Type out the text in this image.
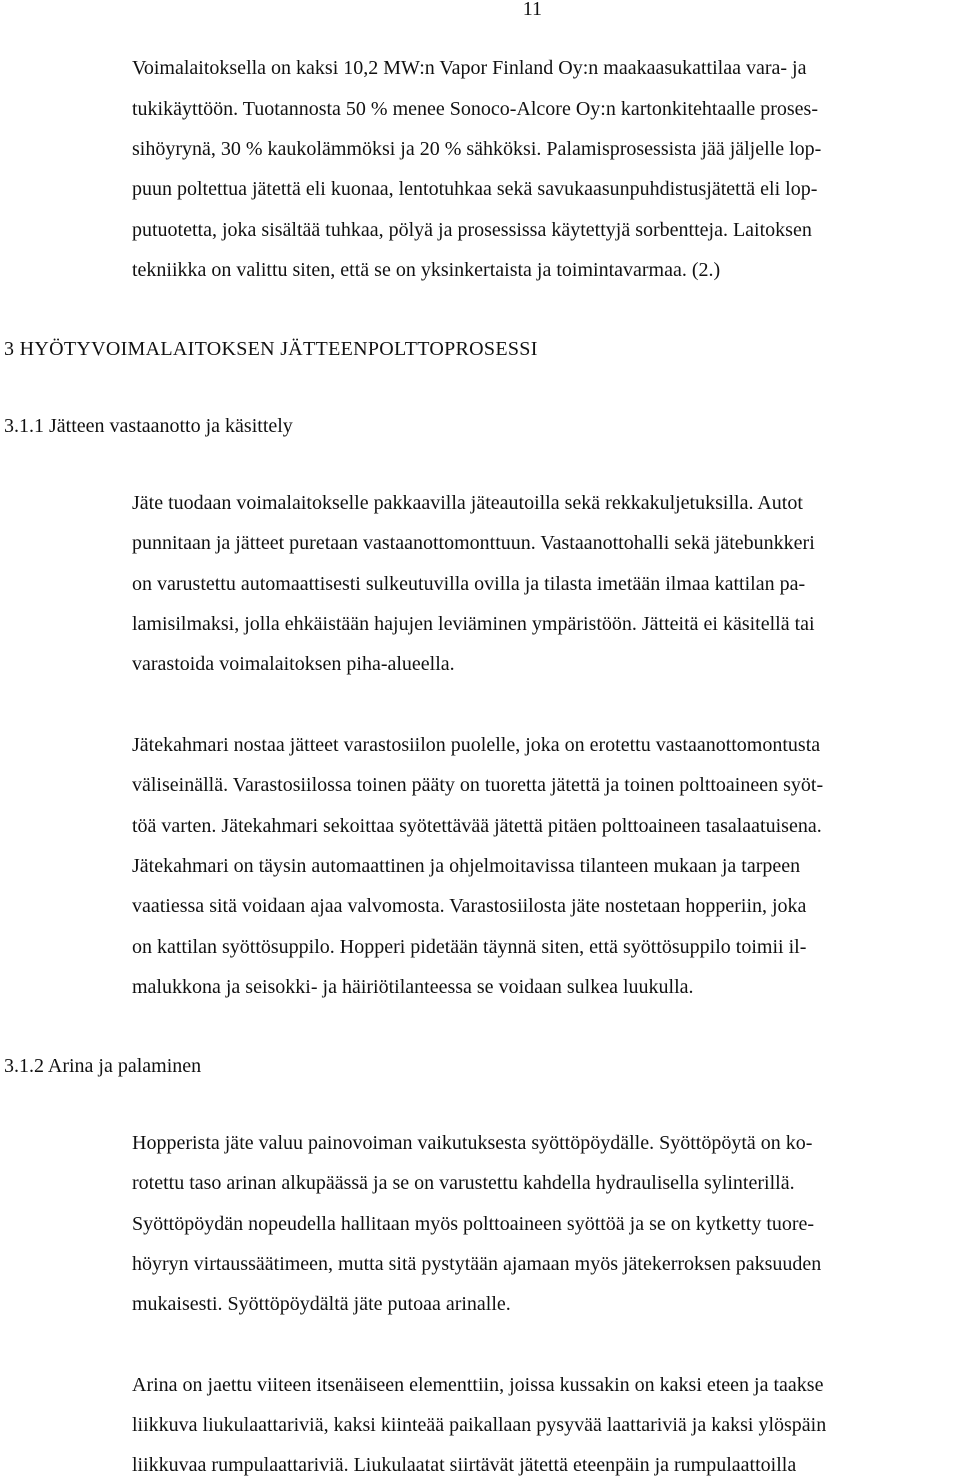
11
Voimalaitoksella on kaksi 10,2 MW:n Vapor Finland Oy:n maakaasukattilaa vara- ja
tukikäyttöön. Tuotannosta 50 % menee Sonoco-Alcore Oy:n kartonkitehtaalle proses-
sihöyrynä, 30 % kaukolämmöksi ja 20 % sähköksi. Palamisprosessista jää jäljelle lop-
puun poltettua jätettä eli kuonaa, lentotuhkaa sekä savukaasunpuhdistusjätettä eli lop-
putuotetta, joka sisältää tuhkaa, pölyä ja prosessissa käytettyjä sorbentteja. Laitoksen
tekniikka on valittu siten, että se on yksinkertaista ja toimintavarmaa. (2.)
3 HYÖTYVOIMALAITOKSEN JÄTTEENPOLTTOPROSESSI
3.1.1 Jätteen vastaanotto ja käsittely
Jäte tuodaan voimalaitokselle pakkaavilla jäteautoilla sekä rekkakuljetuksilla. Autot
punnitaan ja jätteet puretaan vastaanottomonttuun. Vastaanottohalli sekä jätebunkkeri
on varustettu automaattisesti sulkeutuvilla ovilla ja tilasta imetään ilmaa kattilan pa-
lamisilmaksi, jolla ehkäistään hajujen leviäminen ympäristöön. Jätteitä ei käsitellä tai
varastoida voimalaitoksen piha-alueella.
Jätekahmari nostaa jätteet varastosiilon puolelle, joka on erotettu vastaanottomontusta
väliseinällä. Varastosiilossa toinen pääty on tuoretta jätettä ja toinen polttoaineen syöt-
töä varten. Jätekahmari sekoittaa syötettävää jätettä pitäen polttoaineen tasalaatuisena.
Jätekahmari on täysin automaattinen ja ohjelmoitavissa tilanteen mukaan ja tarpeen
vaatiessa sitä voidaan ajaa valvomosta. Varastosiilosta jäte nostetaan hopperiin, joka
on kattilan syöttösuppilo. Hopperi pidetään täynnä siten, että syöttösuppilo toimii il-
malukkona ja seisokki- ja häiriötilanteessa se voidaan sulkea luukulla.
3.1.2 Arina ja palaminen
Hopperista jäte valuu painovoiman vaikutuksesta syöttöpöydälle. Syöttöpöytä on ko-
rotettu taso arinan alkupäässä ja se on varustettu kahdella hydraulisella sylinterillä.
Syöttöpöydän nopeudella hallitaan myös polttoaineen syöttöä ja se on kytketty tuore-
höyryn virtaussäätimeen, mutta sitä pystytään ajamaan myös jätekerroksen paksuuden
mukaisesti. Syöttöpöydältä jäte putoaa arinalle.
Arina on jaettu viiteen itsenäiseen elementtiin, joissa kussakin on kaksi eteen ja taakse
liikkuva liukulaattariviä, kaksi kiinteää paikallaan pysyvää laattariviä ja kaksi ylöspäin
liikkuvaa rumpulaattariviä. Liukulaatat siirtävät jätettä eteenpäin ja rumpulaattoilla
